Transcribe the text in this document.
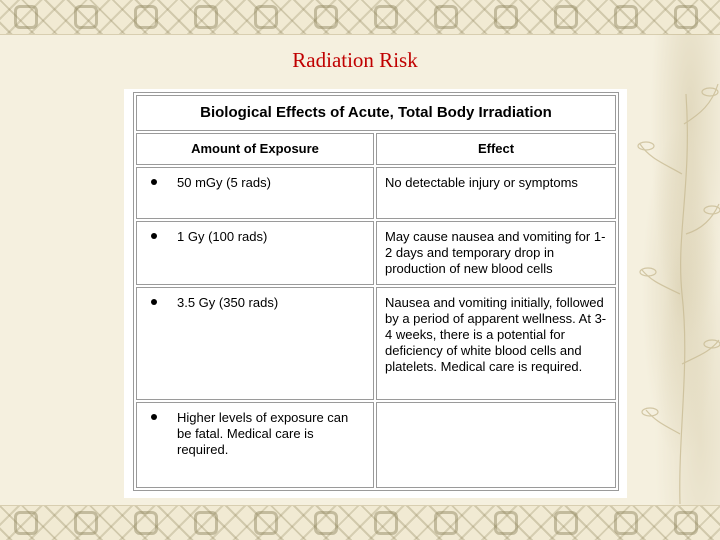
Radiation Risk
Biological Effects of Acute, Total Body Irradiation	
Amount of Exposure	Effect

50 mGy (5 rads)	No detectable injury or symptoms

1 Gy (100 rads)	May cause nausea and vomiting for 1-2 days and temporary drop in production of new blood cells

3.5 Gy (350 rads)	Nausea and vomiting initially, followed by a period of apparent wellness. At 3-4 weeks, there is a potential for deficiency of white blood cells and platelets. Medical care is required.

Higher levels of exposure can be fatal. Medical care is required.	
